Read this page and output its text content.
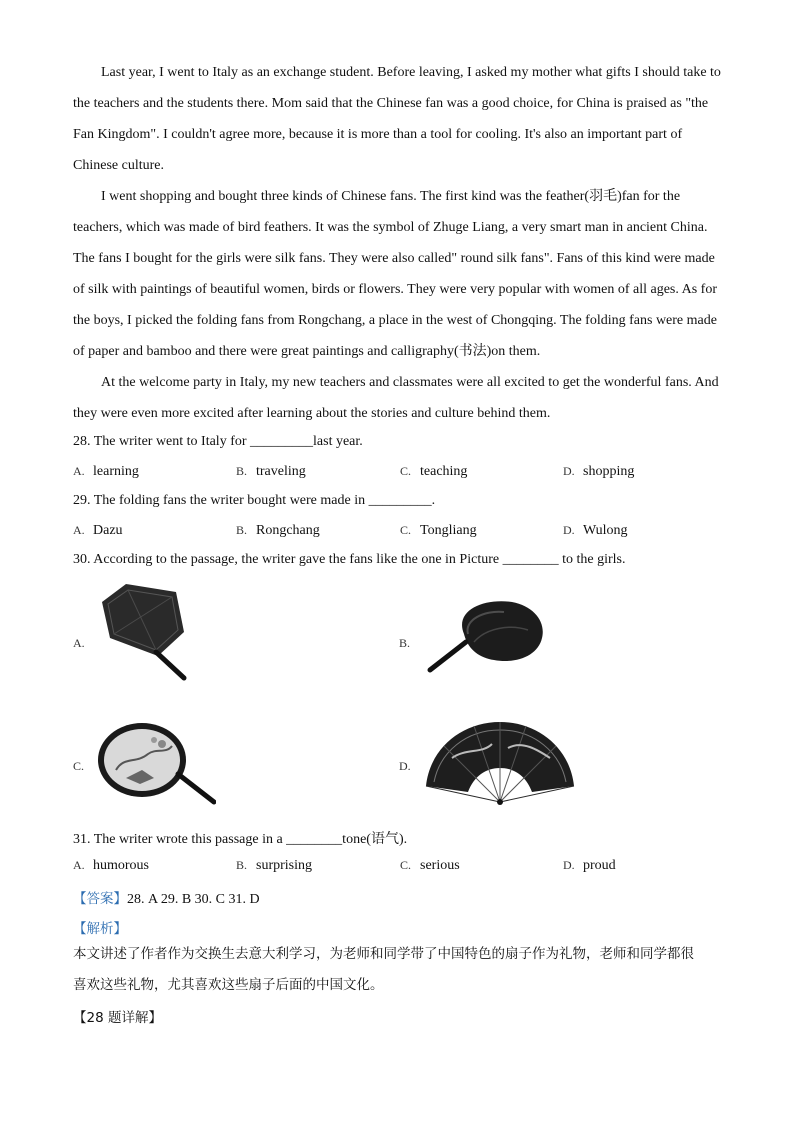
Last year, I went to Italy as an exchange student. Before leaving, I asked my mother what gifts I should take to
the teachers and the students there. Mom said that the Chinese fan was a good choice, for China is praised as "the
Fan Kingdom". I couldn't agree more, because it is more than a tool for cooling. It's also an important part of
Chinese culture.
I went shopping and bought three kinds of Chinese fans. The first kind was the feather(羽毛)fan for the
teachers, which was made of bird feathers. It was the symbol of Zhuge Liang, a very smart man in ancient China.
The fans I bought for the girls were silk fans. They were also called" round silk fans". Fans of this kind were made
of silk with paintings of beautiful women, birds or flowers. They were very popular with women of all ages. As for
the boys, I picked the folding fans from Rongchang, a place in the west of Chongqing. The folding fans were made
of paper and bamboo and there were great paintings and calligraphy(书法)on them.
At the welcome party in Italy, my new teachers and classmates were all excited to get the wonderful fans. And
they were even more excited after learning about the stories and culture behind them.
28. The writer went to Italy for _________last year.
A. learning	B. traveling	C. teaching	D. shopping
29. The folding fans the writer bought were made in _________.
A. Dazu	B. Rongchang	C. Tongliang	D. Wulong
30. According to the passage, the writer gave the fans like the one in Picture ________ to the girls.
A.	B.
C.	D.
31. The writer wrote this passage in a ________tone(语气).
A. humorous	B. surprising	C. serious	D. proud
【答案】28. A 29. B 30. C 31. D
【解析】
本文讲述了作者作为交换生去意大利学习，为老师和同学带了中国特色的扇子作为礼物，老师和同学都很
喜欢这些礼物，尤其喜欢这些扇子后面的中国文化。
【28 题详解】
